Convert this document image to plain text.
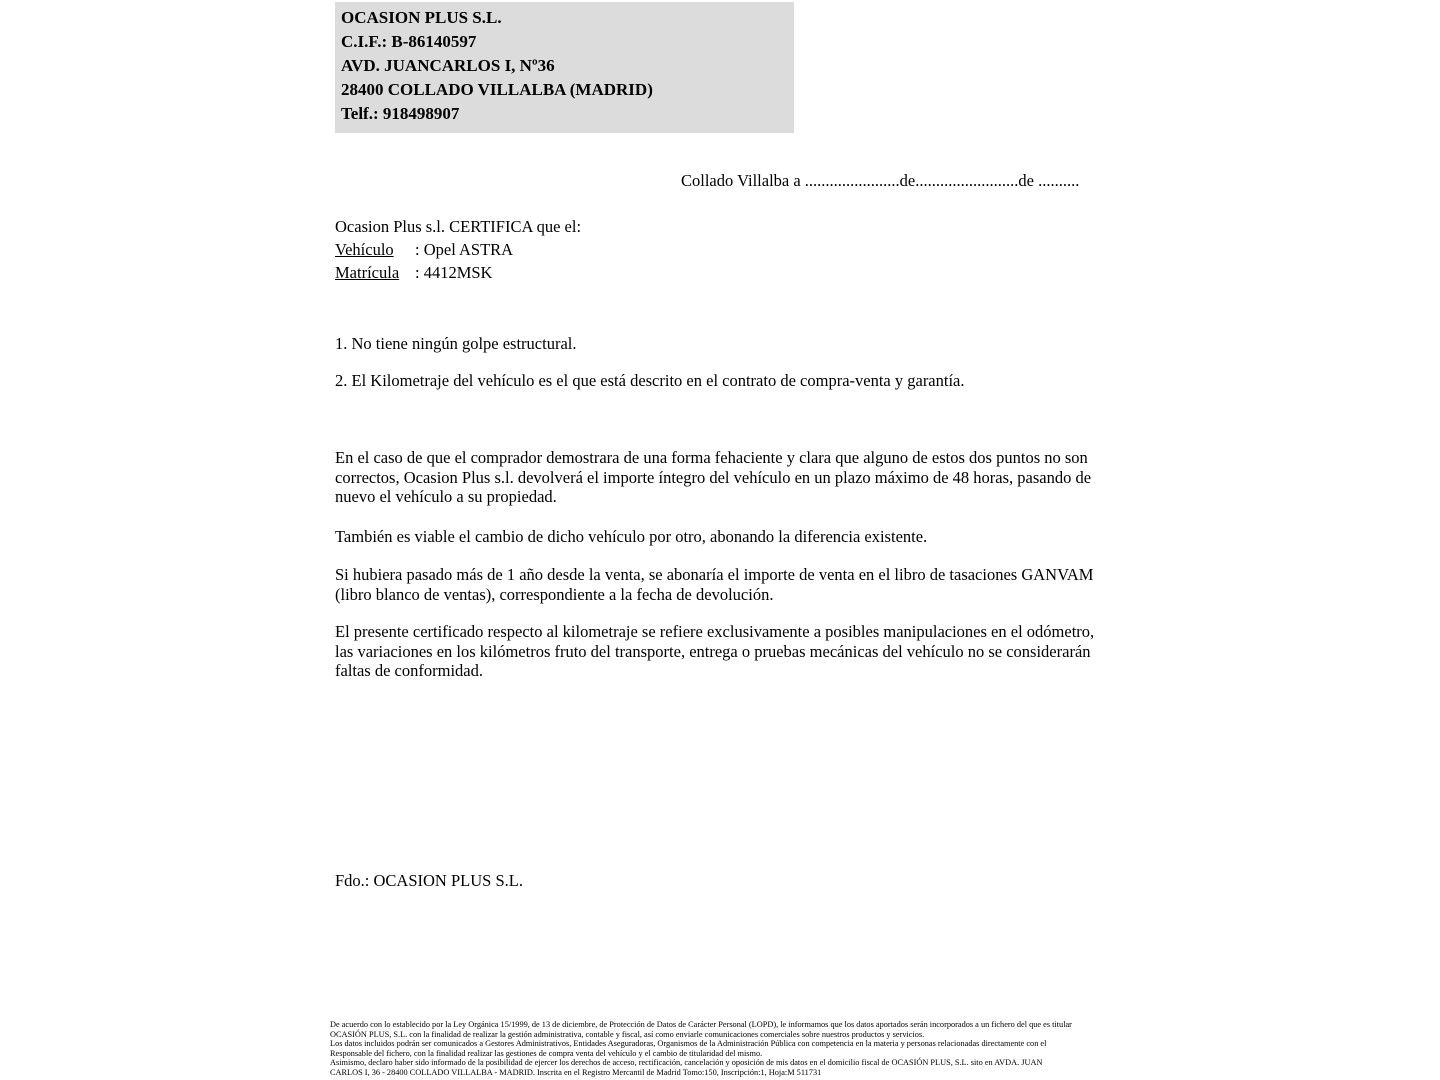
OCASION PLUS S.L.
C.I.F.: B-86140597
AVD. JUANCARLOS I, Nº36
28400 COLLADO VILLALBA (MADRID)
Telf.: 918498907
Collado Villalba a .......................de.........................de ..........
Ocasion Plus s.l. CERTIFICA que el:
Vehículo : Opel ASTRA
Matrícula : 4412MSK
1. No tiene ningún golpe estructural.
2. El Kilometraje del vehículo es el que está descrito en el contrato de compra-venta y garantía.
En el caso de que el comprador demostrara de una forma fehaciente y clara que alguno de estos dos puntos no son correctos, Ocasion Plus s.l. devolverá el importe íntegro del vehículo en un plazo máximo de 48 horas, pasando de nuevo el vehículo a su propiedad.
También es viable el cambio de dicho vehículo por otro, abonando la diferencia existente.
Si hubiera pasado más de 1 año desde la venta, se abonaría el importe de venta en el libro de tasaciones GANVAM (libro blanco de ventas), correspondiente a la fecha de devolución.
El presente certificado respecto al kilometraje se refiere exclusivamente a posibles manipulaciones en el odómetro, las variaciones en los kilómetros fruto del transporte, entrega o pruebas mecánicas del vehículo no se considerarán faltas de conformidad.
Fdo.: OCASION PLUS S.L.
De acuerdo con lo establecido por la Ley Orgánica 15/1999, de 13 de diciembre, de Protección de Datos de Carácter Personal (LOPD), le informamos que los datos aportados serán incorporados a un fichero del que es titular
OCASIÓN PLUS, S.L. con la finalidad de realizar la gestión administrativa, contable y fiscal, así como enviarle comunicaciones comerciales sobre nuestros productos y servicios.
Los datos incluidos podrán ser comunicados a Gestores Administrativos, Entidades Aseguradoras, Organismos de la Administración Pública con competencia en la materia y personas relacionadas directamente con el
Responsable del fichero, con la finalidad realizar las gestiones de compra venta del vehículo y el cambio de titularidad del mismo.
Asimismo, declaro haber sido informado de la posibilidad de ejercer los derechos de acceso, rectificación, cancelación y oposición de mis datos en el domicilio fiscal de OCASIÓN PLUS, S.L. sito en AVDA. JUAN
CARLOS I, 36 - 28400 COLLADO VILLALBA - MADRID. Inscrita en el Registro Mercantil de Madrid Tomo:150, Inscripción:1, Hoja:M 511731
